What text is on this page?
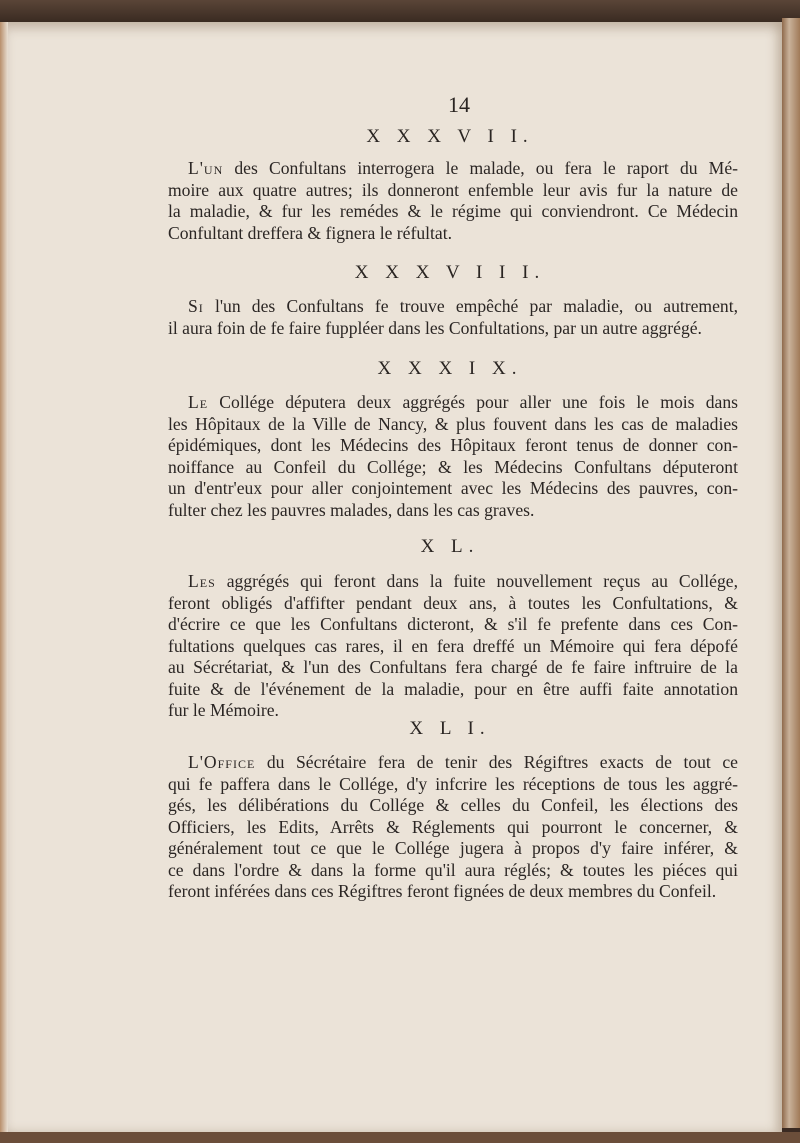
14
X X X V I I.
L'un des Confultans interrogera le malade, ou fera le raport du Mé-
moire aux quatre autres; ils donneront enfemble leur avis fur la nature de
la maladie, & fur les remédes & le régime qui conviendront. Ce Médecin
Confultant dreffera & fignera le réfultat.
X X X V I I I.
Si l'un des Confultans fe trouve empêché par maladie, ou autrement,
il aura foin de fe faire fuppléer dans les Confultations, par un autre aggrégé.
X X X I X.
Le Collége députera deux aggrégés pour aller une fois le mois dans
les Hôpitaux de la Ville de Nancy, & plus fouvent dans les cas de maladies
épidémiques, dont les Médecins des Hôpitaux feront tenus de donner con-
noiffance au Confeil du Collége; & les Médecins Confultans députeront
un d'entr'eux pour aller conjointement avec les Médecins des pauvres, con-
fulter chez les pauvres malades, dans les cas graves.
X L.
Les aggrégés qui feront dans la fuite nouvellement reçus au Collége,
feront obligés d'affifter pendant deux ans, à toutes les Confultations, &
d'écrire ce que les Confultans dicteront, & s'il fe prefente dans ces Con-
fultations quelques cas rares, il en fera dreffé un Mémoire qui fera dépofé
au Sécrétariat, & l'un des Confultans fera chargé de fe faire inftruire de la
fuite & de l'événement de la maladie, pour en être auffi faite annotation
fur le Mémoire.
X L I.
L'Office du Sécrétaire fera de tenir des Régiftres exacts de tout ce
qui fe paffera dans le Collége, d'y infcrire les réceptions de tous les aggré-
gés, les délibérations du Collége & celles du Confeil, les élections des
Officiers, les Edits, Arrêts & Réglements qui pourront le concerner, &
généralement tout ce que le Collége jugera à propos d'y faire inférer, &
ce dans l'ordre & dans la forme qu'il aura réglés; & toutes les piéces qui
feront inférées dans ces Régiftres feront fignées de deux membres du Confeil.
